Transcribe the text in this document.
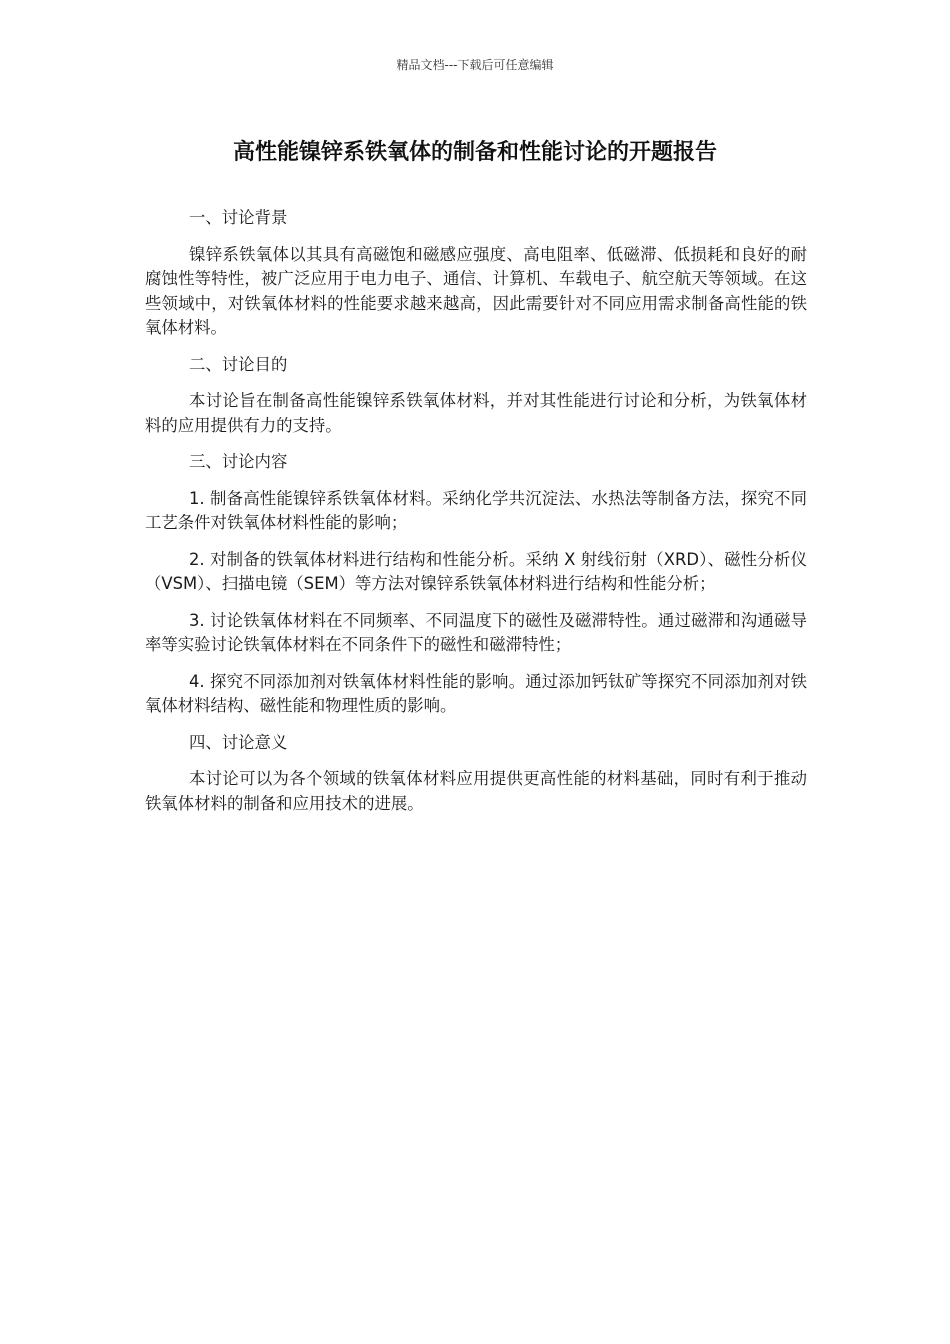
精品文档---下载后可任意编辑
高性能镍锌系铁氧体的制备和性能讨论的开题报告

一、讨论背景

镍锌系铁氧体以其具有高磁饱和磁感应强度、高电阻率、低磁滞、低损耗和良好的耐腐蚀性等特性，被广泛应用于电力电子、通信、计算机、车载电子、航空航天等领域。在这些领域中，对铁氧体材料的性能要求越来越高，因此需要针对不同应用需求制备高性能的铁氧体材料。

二、讨论目的

本讨论旨在制备高性能镍锌系铁氧体材料，并对其性能进行讨论和分析，为铁氧体材料的应用提供有力的支持。

三、讨论内容

1. 制备高性能镍锌系铁氧体材料。采纳化学共沉淀法、水热法等制备方法，探究不同工艺条件对铁氧体材料性能的影响；

2. 对制备的铁氧体材料进行结构和性能分析。采纳 X 射线衍射（XRD）、磁性分析仪（VSM）、扫描电镜（SEM）等方法对镍锌系铁氧体材料进行结构和性能分析；

3. 讨论铁氧体材料在不同频率、不同温度下的磁性及磁滞特性。通过磁滞和沟通磁导率等实验讨论铁氧体材料在不同条件下的磁性和磁滞特性；

4. 探究不同添加剂对铁氧体材料性能的影响。通过添加钙钛矿等探究不同添加剂对铁氧体材料结构、磁性能和物理性质的影响。

四、讨论意义

本讨论可以为各个领域的铁氧体材料应用提供更高性能的材料基础，同时有利于推动铁氧体材料的制备和应用技术的进展。
